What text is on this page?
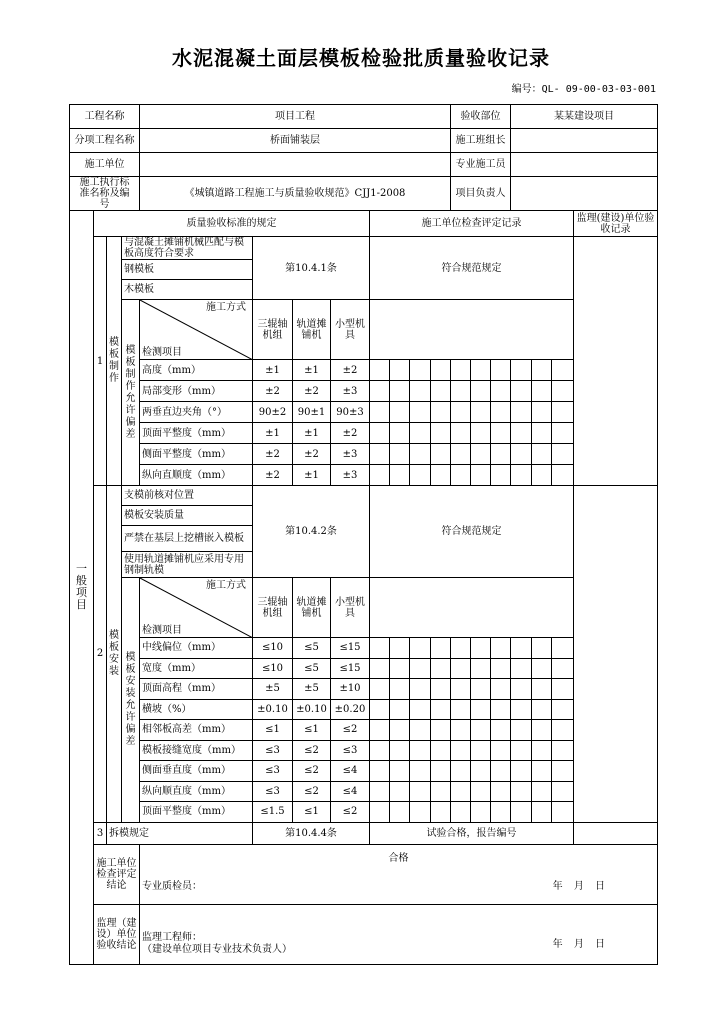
水泥混凝土面层模板检验批质量验收记录
编号：QL- 09-00-03-03-001
工程名称				项目工程								验收部位			某某建设项目			
分项工程名称				桥面铺装层								施工班组长						
施工单位												专业施工员						
施工执行标准名称及编号				《城镇道路工程施工与质量验收规范》CJJ1-2008								项目负责人						
一般项目	质量验收标准的规定							施工单位检查评定记录										监理(建设)单位验收记录
	1	模板制作	与混凝土摊铺机械匹配与模板高度符合要求		第10.4.1条			符合规范规定										
			钢模板															
			木模板															
			模板制作允许偏差	施工方式
检测项目	三辊轴机组	轨道摊铺机	小型机具											
				高度（mm）	±1	±1	±2											
				局部变形（mm）	±2	±2	±3											
				两垂直边夹角（°）	90±2	90±1	90±3											
				顶面平整度（mm）	±1	±1	±2											
				侧面平整度（mm）	±2	±2	±3											
				纵向直顺度（mm）	±2	±1	±3											
	2	模板安装	支模前核对位置		第10.4.2条			符合规范规定										
			模板安装质量															
			严禁在基层上挖槽嵌入模板															
			使用轨道摊铺机应采用专用钢制轨模															
			模板安装允许偏差	施工方式
检测项目	三辊轴机组	轨道摊铺机	小型机具											
				中线偏位（mm）	≤10	≤5	≤15											
				宽度（mm）	≤10	≤5	≤15											
				顶面高程（mm）	±5	±5	±10											
				横坡（%）	±0.10	±0.10	±0.20											
				相邻板高差（mm）	≤1	≤1	≤2											
				模板接缝宽度（mm）	≤3	≤2	≤3											
				侧面垂直度（mm）	≤3	≤2	≤4											
				纵向顺直度（mm）	≤3	≤2	≤4											
				顶面平整度（mm）	≤1.5	≤1	≤2											
	3	拆模规定			第10.4.4条			试验合格，报告编号										
	施工单位检查评定结论			合格
专业质检员： 年 月 日														

	监理（建设）单位验收结论			监理工程师：
（建设单位项目专业技术负责人） 年 月 日														
